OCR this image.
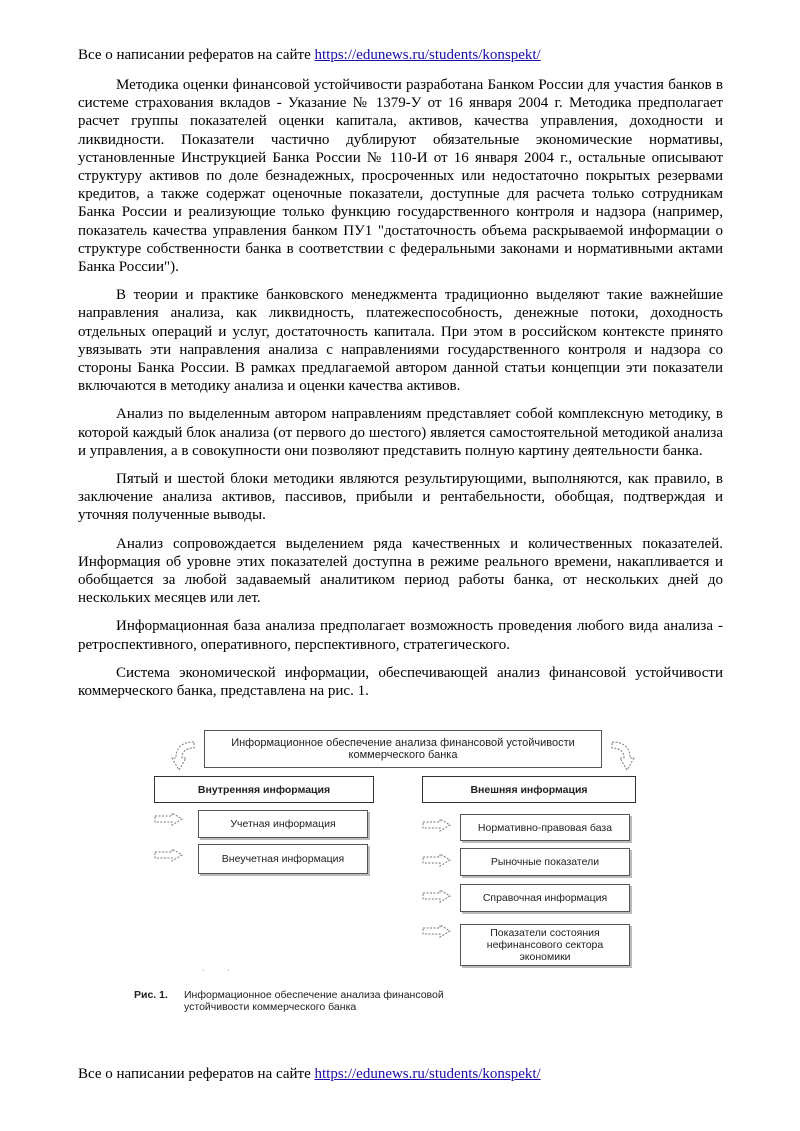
Все о написании рефератов на сайте https://edunews.ru/students/konspekt/

Методика оценки финансовой устойчивости разработана Банком России для участия банков в системе страхования вкладов - Указание № 1379-У от 16 января 2004 г. Методика предполагает расчет группы показателей оценки капитала, активов, качества управления, доходности и ликвидности. Показатели частично дублируют обязательные экономические нормативы, установленные Инструкцией Банка России № 110-И от 16 января 2004 г., остальные описывают структуру активов по доле безнадежных, просроченных или недостаточно покрытых резервами кредитов, а также содержат оценочные показатели, доступные для расчета только сотрудникам Банка России и реализующие только функцию государственного контроля и надзора (например, показатель качества управления банком ПУ1 "достаточность объема раскрываемой информации о структуре собственности банка в соответствии с федеральными законами и нормативными актами Банка России").

В теории и практике банковского менеджмента традиционно выделяют такие важнейшие направления анализа, как ликвидность, платежеспособность, денежные потоки, доходность отдельных операций и услуг, достаточность капитала. При этом в российском контексте принято увязывать эти направления анализа с направлениями государственного контроля и надзора со стороны Банка России. В рамках предлагаемой автором данной статьи концепции эти показатели включаются в методику анализа и оценки качества активов.

Анализ по выделенным автором направлениям представляет собой комплексную методику, в которой каждый блок анализа (от первого до шестого) является самостоятельной методикой анализа и управления, а в совокупности они позволяют представить полную картину деятельности банка.

Пятый и шестой блоки методики являются результирующими, выполняются, как правило, в заключение анализа активов, пассивов, прибыли и рентабельности, обобщая, подтверждая и уточняя полученные выводы.

Анализ сопровождается выделением ряда качественных и количественных показателей. Информация об уровне этих показателей доступна в режиме реального времени, накапливается и обобщается за любой задаваемый аналитиком период работы банка, от нескольких дней до нескольких месяцев или лет.

Информационная база анализа предполагает возможность проведения любого вида анализа - ретроспективного, оперативного, перспективного, стратегического.

Система экономической информации, обеспечивающей анализ финансовой устойчивости коммерческого банка, представлена на рис. 1.

Информационное обеспечение анализа финансовой устойчивости коммерческого банка
Внутренняя информация	Внешняя информация
Учетная информация
Внеучетная информация
Нормативно-правовая база
Рыночные показатели
Справочная информация
Показатели состояния нефинансового сектора экономики
·         ·
Рис. 1. Информационное обеспечение анализа финансовой устойчивости коммерческого банка
Все о написании рефератов на сайте https://edunews.ru/students/konspekt/
